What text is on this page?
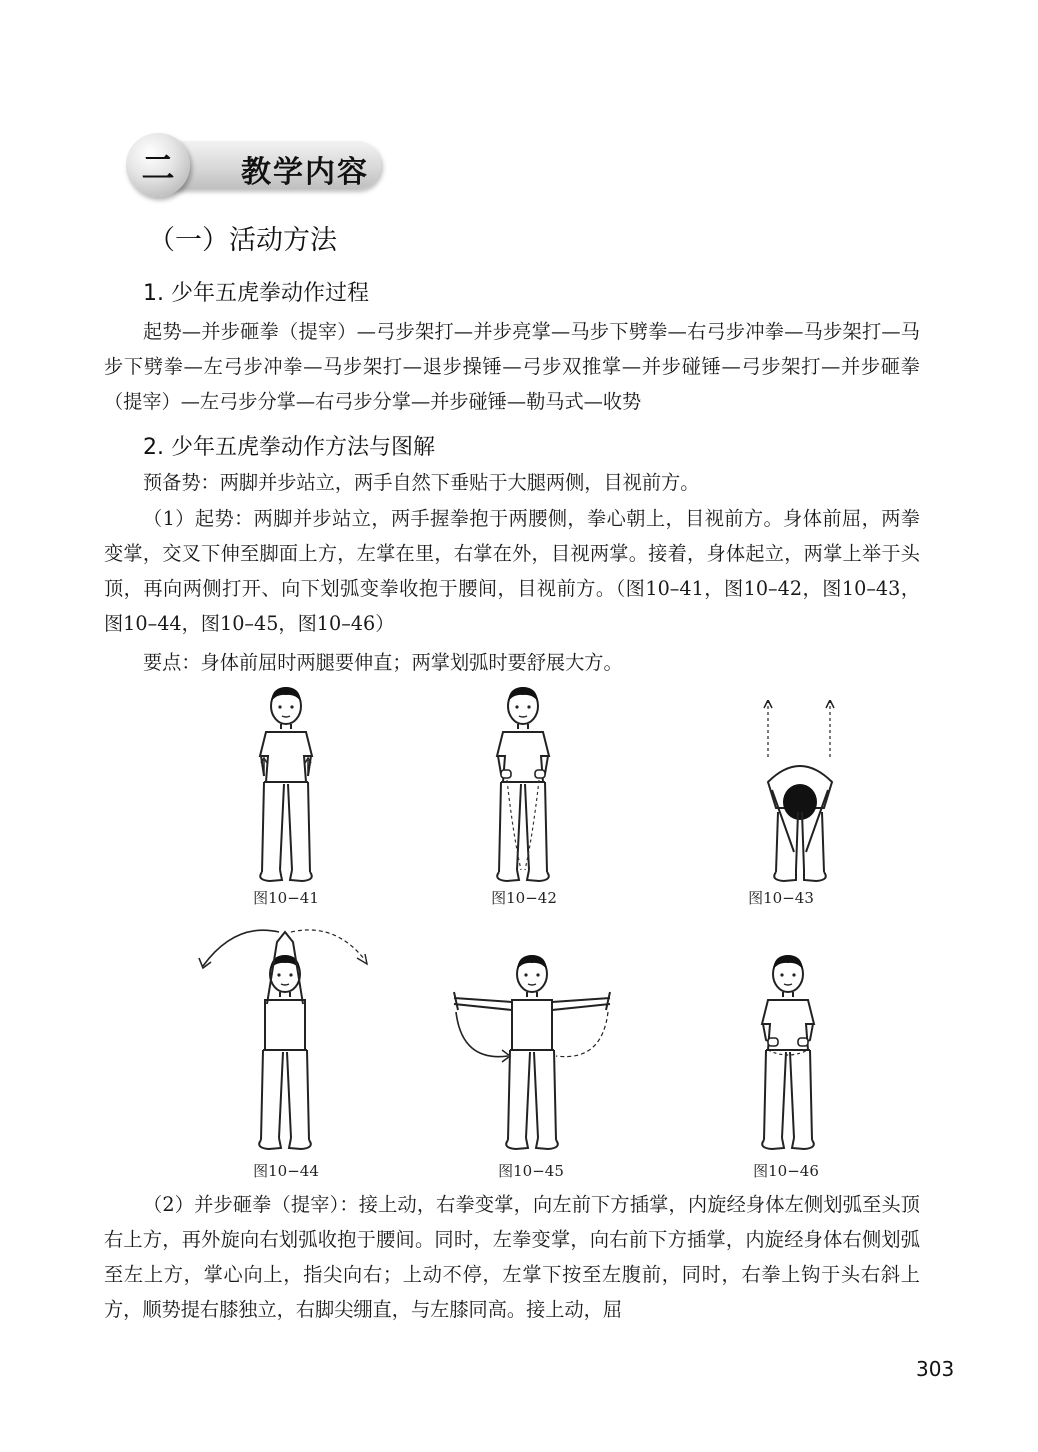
教学内容
二
（一）活动方法
1. 少年五虎拳动作过程

起势—并步砸拳（提宰）—弓步架打—并步亮掌—马步下劈拳—右弓步冲拳—马步架打—马步下劈拳—左弓步冲拳—马步架打—退步操锤—弓步双推掌—并步碰锤—弓步架打—并步砸拳（提宰）—左弓步分掌—右弓步分掌—并步碰锤—勒马式—收势

2. 少年五虎拳动作方法与图解
预备势：两脚并步站立，两手自然下垂贴于大腿两侧，目视前方。

（1）起势：两脚并步站立，两手握拳抱于两腰侧，拳心朝上，目视前方。身体前屈，两拳变掌，交叉下伸至脚面上方，左掌在里，右掌在外，目视两掌。接着，身体起立，两掌上举于头顶，再向两侧打开、向下划弧变拳收抱于腰间，目视前方。（图10–41，图10–42，图10–43，图10–44，图10–45，图10–46）

要点：身体前屈时两腿要伸直；两掌划弧时要舒展大方。
图10−41	图10−42	图10−43
图10−44	图10−45	图10−46

（2）并步砸拳（提宰）：接上动，右拳变掌，向左前下方插掌，内旋经身体左侧划弧至头顶右上方，再外旋向右划弧收抱于腰间。同时，左拳变掌，向右前下方插掌，内旋经身体右侧划弧至左上方，掌心向上，指尖向右；上动不停，左掌下按至左腹前，同时，右拳上钩于头右斜上方，顺势提右膝独立，右脚尖绷直，与左膝同高。接上动，屈

303
